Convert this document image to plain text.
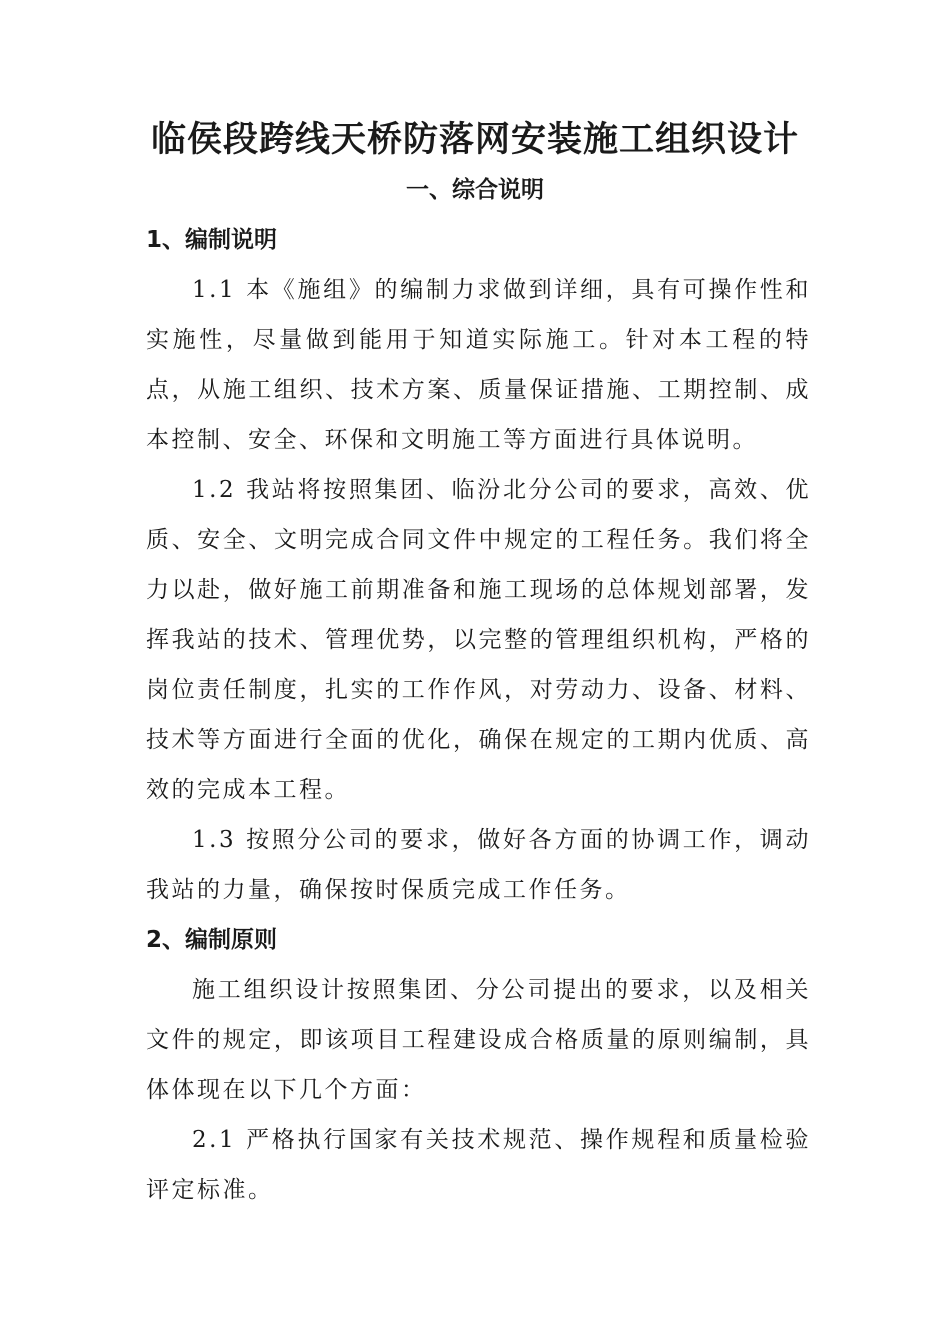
临侯段跨线天桥防落网安装施工组织设计
一、综合说明
1、编制说明

1.1 本《施组》的编制力求做到详细，具有可操作性和实施性，尽量做到能用于知道实际施工。针对本工程的特点，从施工组织、技术方案、质量保证措施、工期控制、成本控制、安全、环保和文明施工等方面进行具体说明。

1.2 我站将按照集团、临汾北分公司的要求，高效、优质、安全、文明完成合同文件中规定的工程任务。我们将全力以赴，做好施工前期准备和施工现场的总体规划部署，发挥我站的技术、管理优势，以完整的管理组织机构，严格的岗位责任制度，扎实的工作作风，对劳动力、设备、材料、技术等方面进行全面的优化，确保在规定的工期内优质、高效的完成本工程。

1.3 按照分公司的要求，做好各方面的协调工作，调动我站的力量，确保按时保质完成工作任务。

2、编制原则

施工组织设计按照集团、分公司提出的要求，以及相关文件的规定，即该项目工程建设成合格质量的原则编制，具体体现在以下几个方面：

2.1 严格执行国家有关技术规范、操作规程和质量检验评定标准。
